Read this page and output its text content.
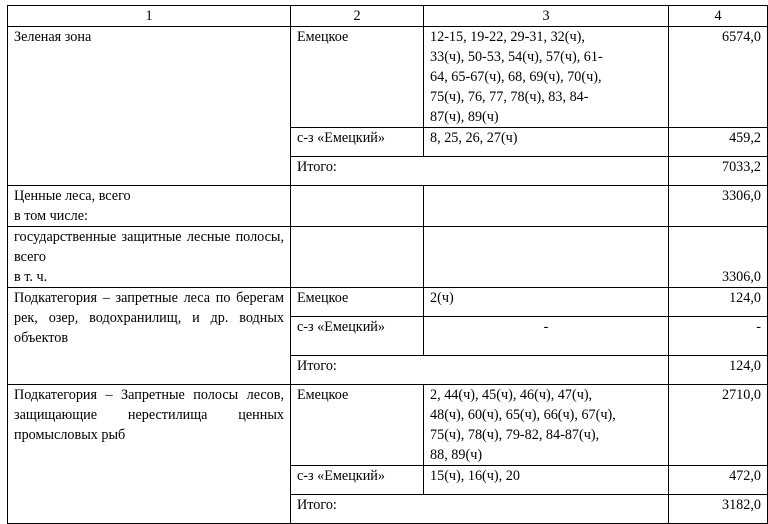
1	2	3	4
Зеленая зона	Емецкое	12-15, 19-22, 29-31, 32(ч),
33(ч), 50-53, 54(ч), 57(ч), 61-
64, 65-67(ч), 68, 69(ч), 70(ч),
75(ч), 76, 77, 78(ч), 83, 84-
87(ч), 89(ч)	6574,0
	с-з «Емецкий»	8, 25, 26, 27(ч)	459,2
	Итого:		7033,2
Ценные леса, всего
в том числе:			3306,0
государственные защитные лесные полосы, всего
в т. ч.			3306,0
Подкатегория – запретные леса по берегам рек, озер, водохранилищ, и др. водных объектов	Емецкое	2(ч)	124,0
	с-з «Емецкий»	-	-
	Итого:		124,0
Подкатегория – Запретные полосы лесов, защищающие нерестилища ценных промысловых рыб	Емецкое	2, 44(ч), 45(ч), 46(ч), 47(ч),
48(ч), 60(ч), 65(ч), 66(ч), 67(ч),
75(ч), 78(ч), 79-82, 84-87(ч),
88, 89(ч)	2710,0
	с-з «Емецкий»	15(ч), 16(ч), 20	472,0
	Итого:		3182,0
